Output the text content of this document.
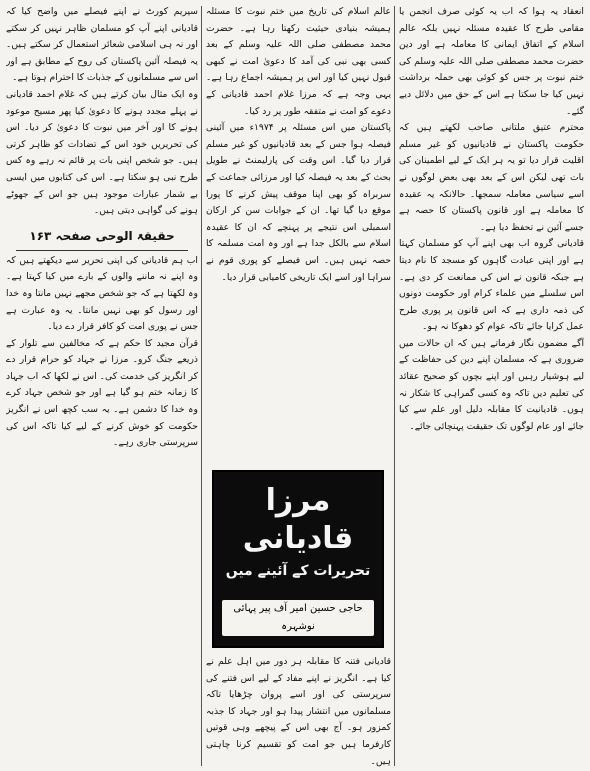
انعقاد یہ ہوا کہ اب یہ کوئی صرف انجمن یا مقامی طرح کا عقیدہ مسئلہ نہیں بلکہ عالم اسلام کے اتفاق ایمانی کا معاملہ ہے اور دین حضرت محمد مصطفی صلی اللہ علیہ وسلم کی ختم نبوت پر جس کو کوئی بھی حملہ برداشت نہیں کیا جا سکتا ہے اس کے حق میں دلائل دیے گئے۔

محترم عتیق ملتانی صاحب لکھتے ہیں کہ حکومت پاکستان نے قادیانیوں کو غیر مسلم اقلیت قرار دیا تو یہ ہر ایک کے لیے اطمینان کی بات تھی لیکن اس کے بعد بھی بعض لوگوں نے اسے سیاسی معاملہ سمجھا۔ حالانکہ یہ عقیدہ کا معاملہ ہے اور قانون پاکستان کا حصہ ہے جسے آئین نے تحفظ دیا ہے۔

قادیانی گروہ اب بھی اپنے آپ کو مسلمان کہتا ہے اور اپنی عبادت گاہوں کو مسجد کا نام دیتا ہے جبکہ قانون نے اس کی ممانعت کر دی ہے۔ اس سلسلے میں علماء کرام اور حکومت دونوں کی ذمہ داری ہے کہ اس قانون پر پوری طرح عمل کرایا جائے تاکہ عوام کو دھوکا نہ ہو۔

آگے مضمون نگار فرماتے ہیں کہ ان حالات میں ضروری ہے کہ مسلمان اپنے دین کی حفاظت کے لیے ہوشیار رہیں اور اپنے بچوں کو صحیح عقائد کی تعلیم دیں تاکہ وہ کسی گمراہی کا شکار نہ ہوں۔ قادیانیت کا مقابلہ دلیل اور علم سے کیا جائے اور عام لوگوں تک حقیقت پہنچائی جائے۔

عالم اسلام کی تاریخ میں ختم نبوت کا مسئلہ ہمیشہ بنیادی حیثیت رکھتا رہا ہے۔ حضرت محمد مصطفی صلی اللہ علیہ وسلم کے بعد کسی بھی نبی کی آمد کا دعویٰ امت نے کبھی قبول نہیں کیا اور اس پر ہمیشہ اجماع رہا ہے۔ یہی وجہ ہے کہ مرزا غلام احمد قادیانی کے دعوے کو امت نے متفقہ طور پر رد کیا۔

پاکستان میں اس مسئلہ پر ۱۹۷۴ء میں آئینی فیصلہ ہوا جس کے بعد قادیانیوں کو غیر مسلم قرار دیا گیا۔ اس وقت کی پارلیمنٹ نے طویل بحث کے بعد یہ فیصلہ کیا اور مرزائی جماعت کے سربراہ کو بھی اپنا موقف پیش کرنے کا پورا موقع دیا گیا تھا۔ ان کے جوابات سن کر ارکان اسمبلی اس نتیجے پر پہنچے کہ ان کا عقیدہ اسلام سے بالکل جدا ہے اور وہ امت مسلمہ کا حصہ نہیں ہیں۔ اس فیصلے کو پوری قوم نے سراہا اور اسے ایک تاریخی کامیابی قرار دیا۔

مرزا قادیانی
تحریرات کے آئینے میں
حاجی حسین امیر آف پیر پہائی نوشہرہ

قادیانی فتنہ کا مقابلہ ہر دور میں اہل علم نے کیا ہے۔ انگریز نے اپنے مفاد کے لیے اس فتنے کی سرپرستی کی اور اسے پروان چڑھایا تاکہ مسلمانوں میں انتشار پیدا ہو اور جہاد کا جذبہ کمزور ہو۔ آج بھی اس کے پیچھے وہی قوتیں کارفرما ہیں جو امت کو تقسیم کرنا چاہتی ہیں۔

سپریم کورٹ نے اپنے فیصلے میں واضح کیا کہ قادیانی اپنے آپ کو مسلمان ظاہر نہیں کر سکتے اور نہ ہی اسلامی شعائر استعمال کر سکتے ہیں۔ یہ فیصلہ آئین پاکستان کی روح کے مطابق ہے اور اس سے مسلمانوں کے جذبات کا احترام ہوتا ہے۔

وہ ایک مثال بیان کرتے ہیں کہ غلام احمد قادیانی نے پہلے مجدد ہونے کا دعویٰ کیا پھر مسیح موعود ہونے کا اور آخر میں نبوت کا دعویٰ کر دیا۔ اس کی تحریریں خود اس کے تضادات کو ظاہر کرتی ہیں۔ جو شخص اپنی بات پر قائم نہ رہے وہ کس طرح نبی ہو سکتا ہے۔ اس کی کتابوں میں ایسی بے شمار عبارات موجود ہیں جو اس کے جھوٹے ہونے کی گواہی دیتی ہیں۔

حقیقۃ الوحی صفحہ ۱۶۳

اب ہم قادیانی کی اپنی تحریر سے دیکھتے ہیں کہ وہ اپنے نہ ماننے والوں کے بارے میں کیا کہتا ہے۔ وہ لکھتا ہے کہ جو شخص مجھے نہیں مانتا وہ خدا اور رسول کو بھی نہیں مانتا۔ یہ وہ عبارت ہے جس نے پوری امت کو کافر قرار دے دیا۔

قرآن مجید کا حکم ہے کہ مخالفین سے تلوار کے ذریعے جنگ کرو۔ مرزا نے جہاد کو حرام قرار دے کر انگریز کی خدمت کی۔ اس نے لکھا کہ اب جہاد کا زمانہ ختم ہو گیا ہے اور جو شخص جہاد کرے وہ خدا کا دشمن ہے۔ یہ سب کچھ اس نے انگریز حکومت کو خوش کرنے کے لیے کیا تاکہ اس کی سرپرستی جاری رہے۔
